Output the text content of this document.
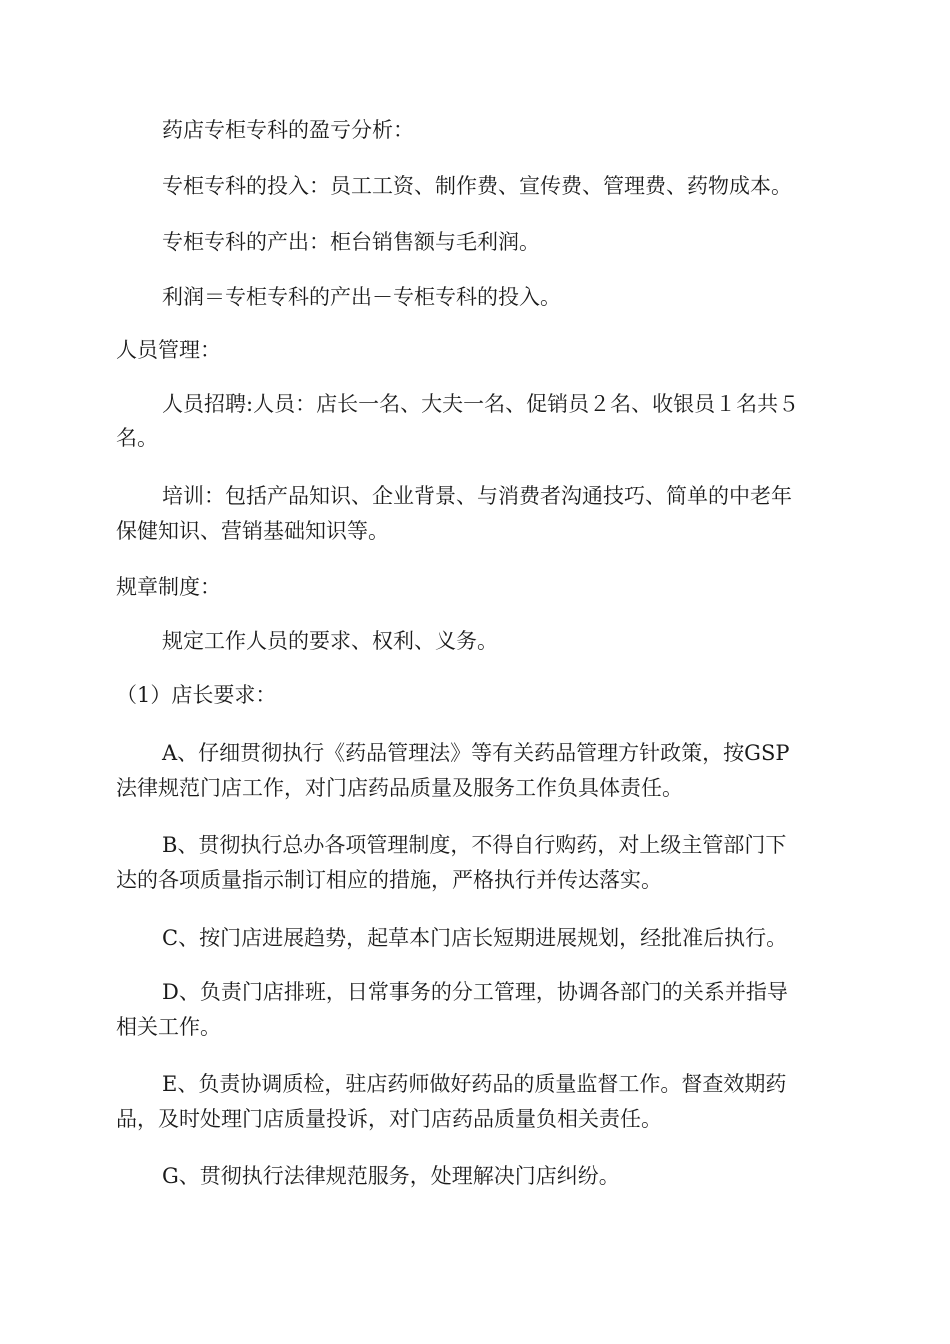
药店专柜专科的盈亏分析：
专柜专科的投入：员工工资、制作费、宣传费、管理费、药物成本。
专柜专科的产出：柜台销售额与毛利润。
利润＝专柜专科的产出－专柜专科的投入。
人员管理：
人员招聘:人员：店长一名、大夫一名、促销员２名、收银员１名共５
名。
培训：包括产品知识、企业背景、与消费者沟通技巧、简单的中老年
保健知识、营销基础知识等。
规章制度：
规定工作人员的要求、权利、义务。
（1）店长要求：
A、仔细贯彻执行《药品管理法》等有关药品管理方针政策，按GSP
法律规范门店工作，对门店药品质量及服务工作负具体责任。
B、贯彻执行总办各项管理制度，不得自行购药，对上级主管部门下
达的各项质量指示制订相应的措施，严格执行并传达落实。
C、按门店进展趋势，起草本门店长短期进展规划，经批准后执行。
D、负责门店排班，日常事务的分工管理，协调各部门的关系并指导
相关工作。
E、负责协调质检，驻店药师做好药品的质量监督工作。督查效期药
品，及时处理门店质量投诉，对门店药品质量负相关责任。
G、贯彻执行法律规范服务，处理解决门店纠纷。
